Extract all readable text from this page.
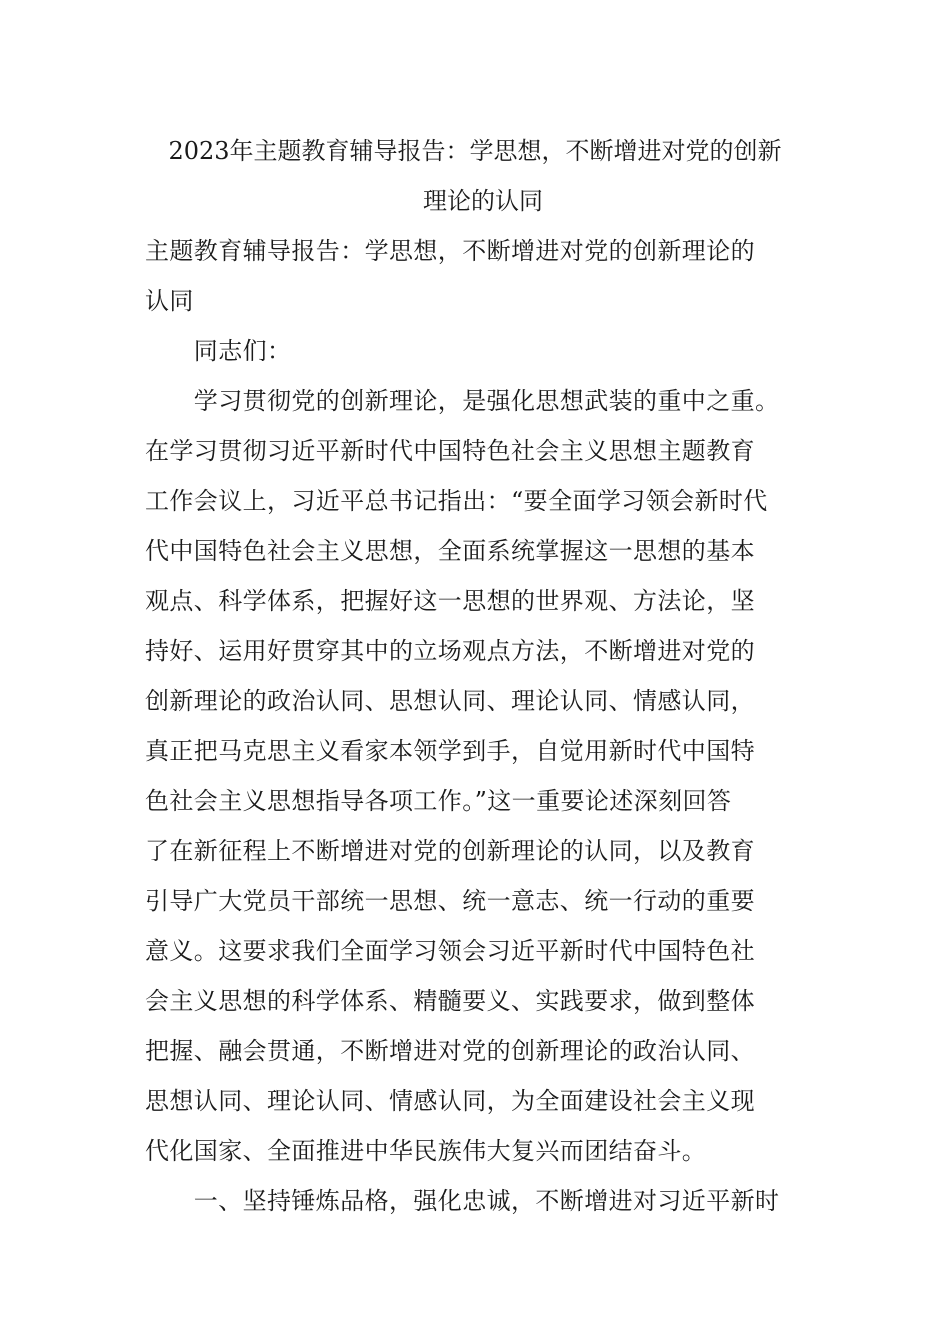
2023年主题教育辅导报告：学思想，不断增进对党的创新
理论的认同
主题教育辅导报告：学思想，不断增进对党的创新理论的
认同
　　同志们：
　　学习贯彻党的创新理论，是强化思想武装的重中之重。
在学习贯彻习近平新时代中国特色社会主义思想主题教育
工作会议上，习近平总书记指出：“要全面学习领会新时代
代中国特色社会主义思想，全面系统掌握这一思想的基本
观点、科学体系，把握好这一思想的世界观、方法论，坚
持好、运用好贯穿其中的立场观点方法，不断增进对党的
创新理论的政治认同、思想认同、理论认同、情感认同，
真正把马克思主义看家本领学到手，自觉用新时代中国特
色社会主义思想指导各项工作。”这一重要论述深刻回答
了在新征程上不断增进对党的创新理论的认同，以及教育
引导广大党员干部统一思想、统一意志、统一行动的重要
意义。这要求我们全面学习领会习近平新时代中国特色社
会主义思想的科学体系、精髓要义、实践要求，做到整体
把握、融会贯通，不断增进对党的创新理论的政治认同、
思想认同、理论认同、情感认同，为全面建设社会主义现
代化国家、全面推进中华民族伟大复兴而团结奋斗。
　　一、坚持锤炼品格，强化忠诚，不断增进对习近平新时
